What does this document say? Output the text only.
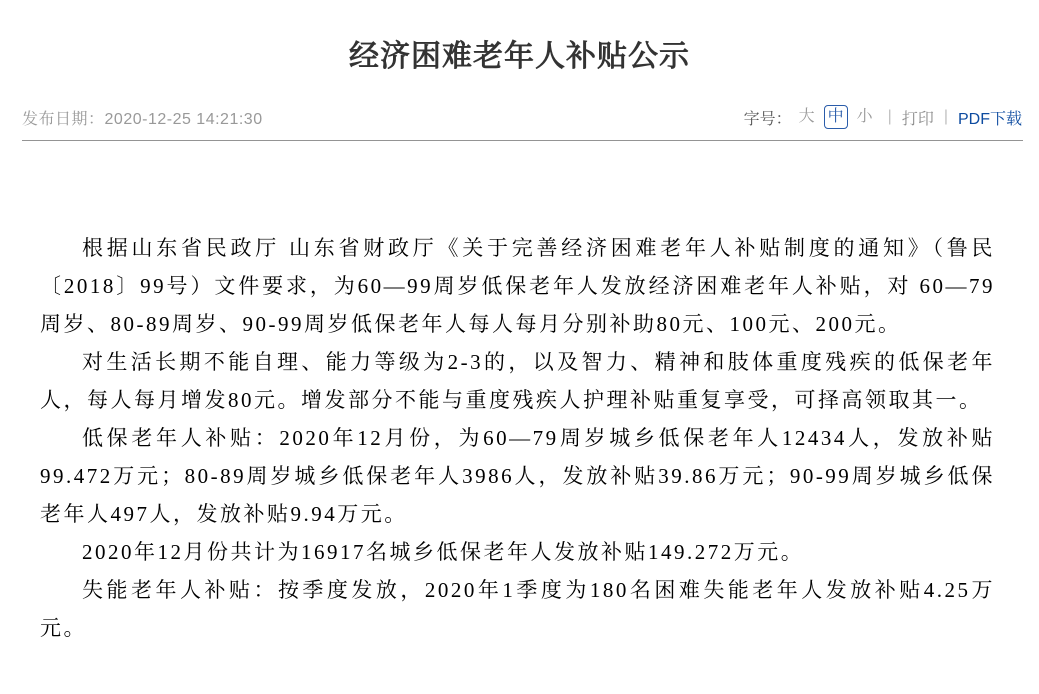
经济困难老年人补贴公示
发布日期：2020-12-25 14:21:30	字号： 大 中 小 | 打印 | PDF下载

根据山东省民政厅 山东省财政厅《关于完善经济困难老年人补贴制度的通知》（鲁民〔2018〕99号）文件要求，为60—99周岁低保老年人发放经济困难老年人补贴，对 60—79周岁、80-89周岁、90-99周岁低保老年人每人每月分别补助80元、100元、200元。

对生活长期不能自理、能力等级为2-3的，以及智力、精神和肢体重度残疾的低保老年人，每人每月增发80元。增发部分不能与重度残疾人护理补贴重复享受，可择高领取其一。

低保老年人补贴：2020年12月份，为60—79周岁城乡低保老年人12434人，发放补贴99.472万元；80-89周岁城乡低保老年人3986人，发放补贴39.86万元；90-99周岁城乡低保老年人497人，发放补贴9.94万元。

2020年12月份共计为16917名城乡低保老年人发放补贴149.272万元。

失能老年人补贴：按季度发放，2020年1季度为180名困难失能老年人发放补贴4.25万元。
